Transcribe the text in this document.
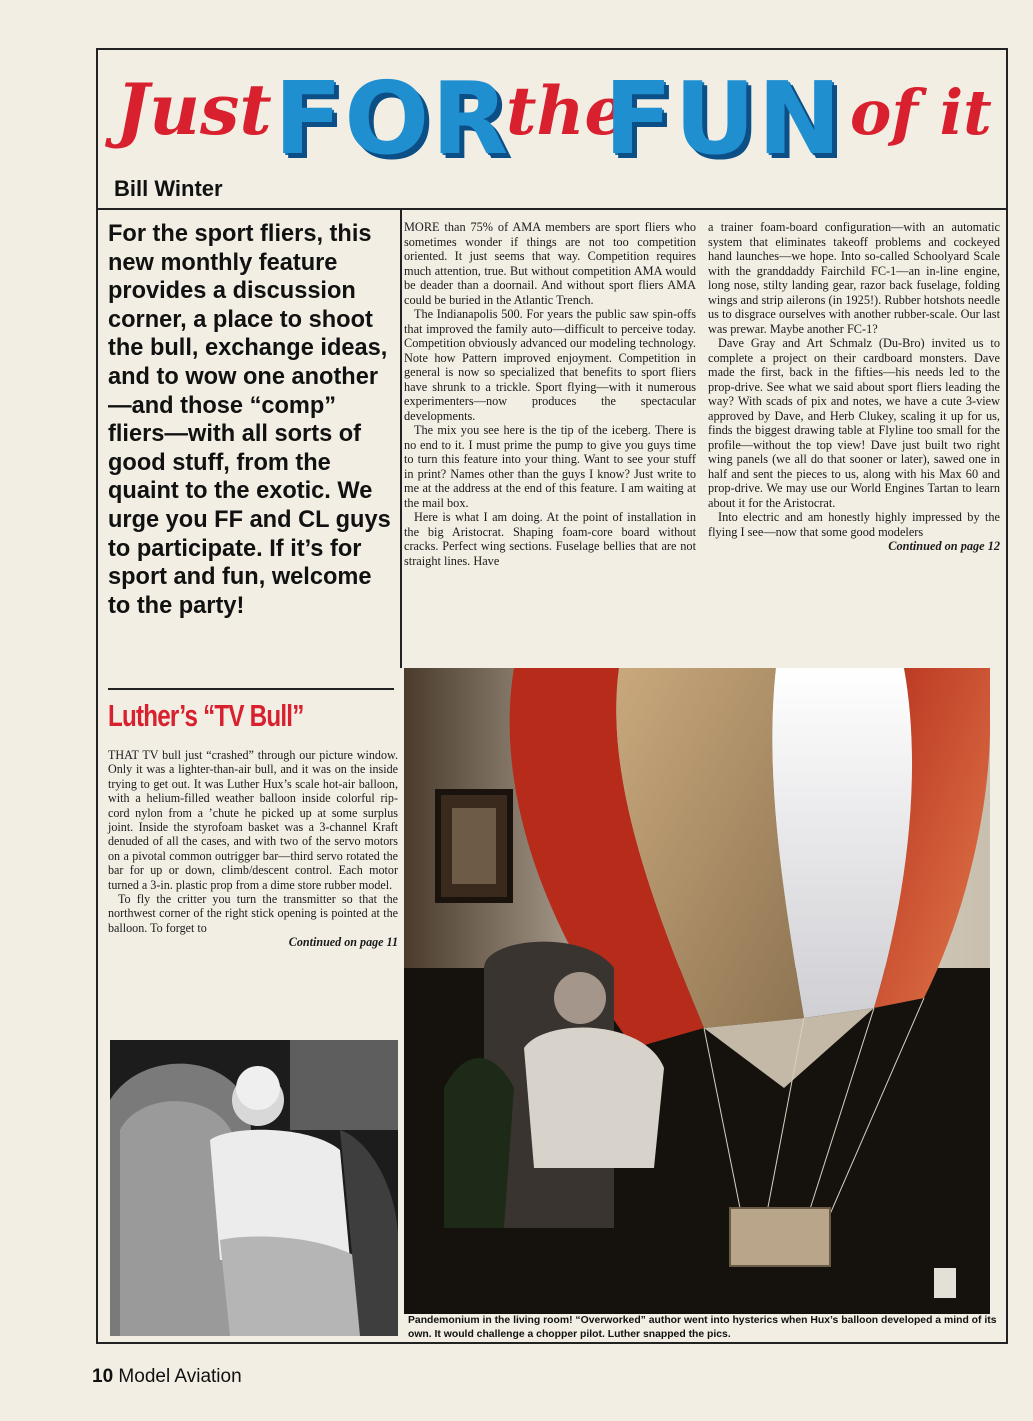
Just FOR
the
FUN of it
Bill Winter

For the sport fliers, this new monthly feature provides a discussion corner, a place to shoot the bull, exchange ideas, and to wow one another—and those “comp” fliers—with all sorts of good stuff, from the quaint to the exotic. We urge you FF and CL guys to participate. If it’s for sport and fun, welcome to the party!

MORE than 75% of AMA members are sport fliers who sometimes wonder if things are not too competition oriented. It just seems that way. Competition requires much attention, true. But without competition AMA would be deader than a doornail. And without sport fliers AMA could be buried in the Atlantic Trench.

The Indianapolis 500. For years the public saw spin-offs that improved the family auto—difficult to perceive today. Competition obviously advanced our modeling technology. Note how Pattern improved enjoyment. Competition in general is now so specialized that benefits to sport fliers have shrunk to a trickle. Sport flying—with it numerous experimenters—now produces the spectacular developments.

The mix you see here is the tip of the iceberg. There is no end to it. I must prime the pump to give you guys time to turn this feature into your thing. Want to see your stuff in print? Names other than the guys I know? Just write to me at the address at the end of this feature. I am waiting at the mail box.

Here is what I am doing. At the point of installation in the big Aristocrat. Shaping foam-core board without cracks. Perfect wing sections. Fuselage bellies that are not straight lines. Have

a trainer foam-board configuration—with an automatic system that eliminates takeoff problems and cockeyed hand launches—we hope. Into so-called Schoolyard Scale with the granddaddy Fairchild FC-1—an in-line engine, long nose, stilty landing gear, razor back fuselage, folding wings and strip ailerons (in 1925!). Rubber hotshots needle us to disgrace ourselves with another rubber-scale. Our last was prewar. Maybe another FC-1?

Dave Gray and Art Schmalz (Du-Bro) invited us to complete a project on their cardboard monsters. Dave made the first, back in the fifties—his needs led to the prop-drive. See what we said about sport fliers leading the way? With scads of pix and notes, we have a cute 3-view approved by Dave, and Herb Clukey, scaling it up for us, finds the biggest drawing table at Flyline too small for the profile—without the top view! Dave just built two right wing panels (we all do that sooner or later), sawed one in half and sent the pieces to us, along with his Max 60 and prop-drive. We may use our World Engines Tartan to learn about it for the Aristocrat.

Into electric and am honestly highly impressed by the flying I see—now that some good modelers

Continued on page 12

Luther’s “TV Bull”

THAT TV bull just “crashed” through our picture window. Only it was a lighter-than-air bull, and it was on the inside trying to get out. It was Luther Hux’s scale hot-air balloon, with a helium-filled weather balloon inside colorful rip-cord nylon from a ’chute he picked up at some surplus joint. Inside the styrofoam basket was a 3-channel Kraft denuded of all the cases, and with two of the servo motors on a pivotal common outrigger bar—third servo rotated the bar for up or down, climb/descent control. Each motor turned a 3-in. plastic prop from a dime store rubber model.

To fly the critter you turn the transmitter so that the northwest corner of the right stick opening is pointed at the balloon. To forget to

Continued on page 11

Pandemonium in the living room! “Overworked” author went into hysterics when Hux’s balloon developed a mind of its own. It would challenge a chopper pilot. Luther snapped the pics.
10 Model Aviation
